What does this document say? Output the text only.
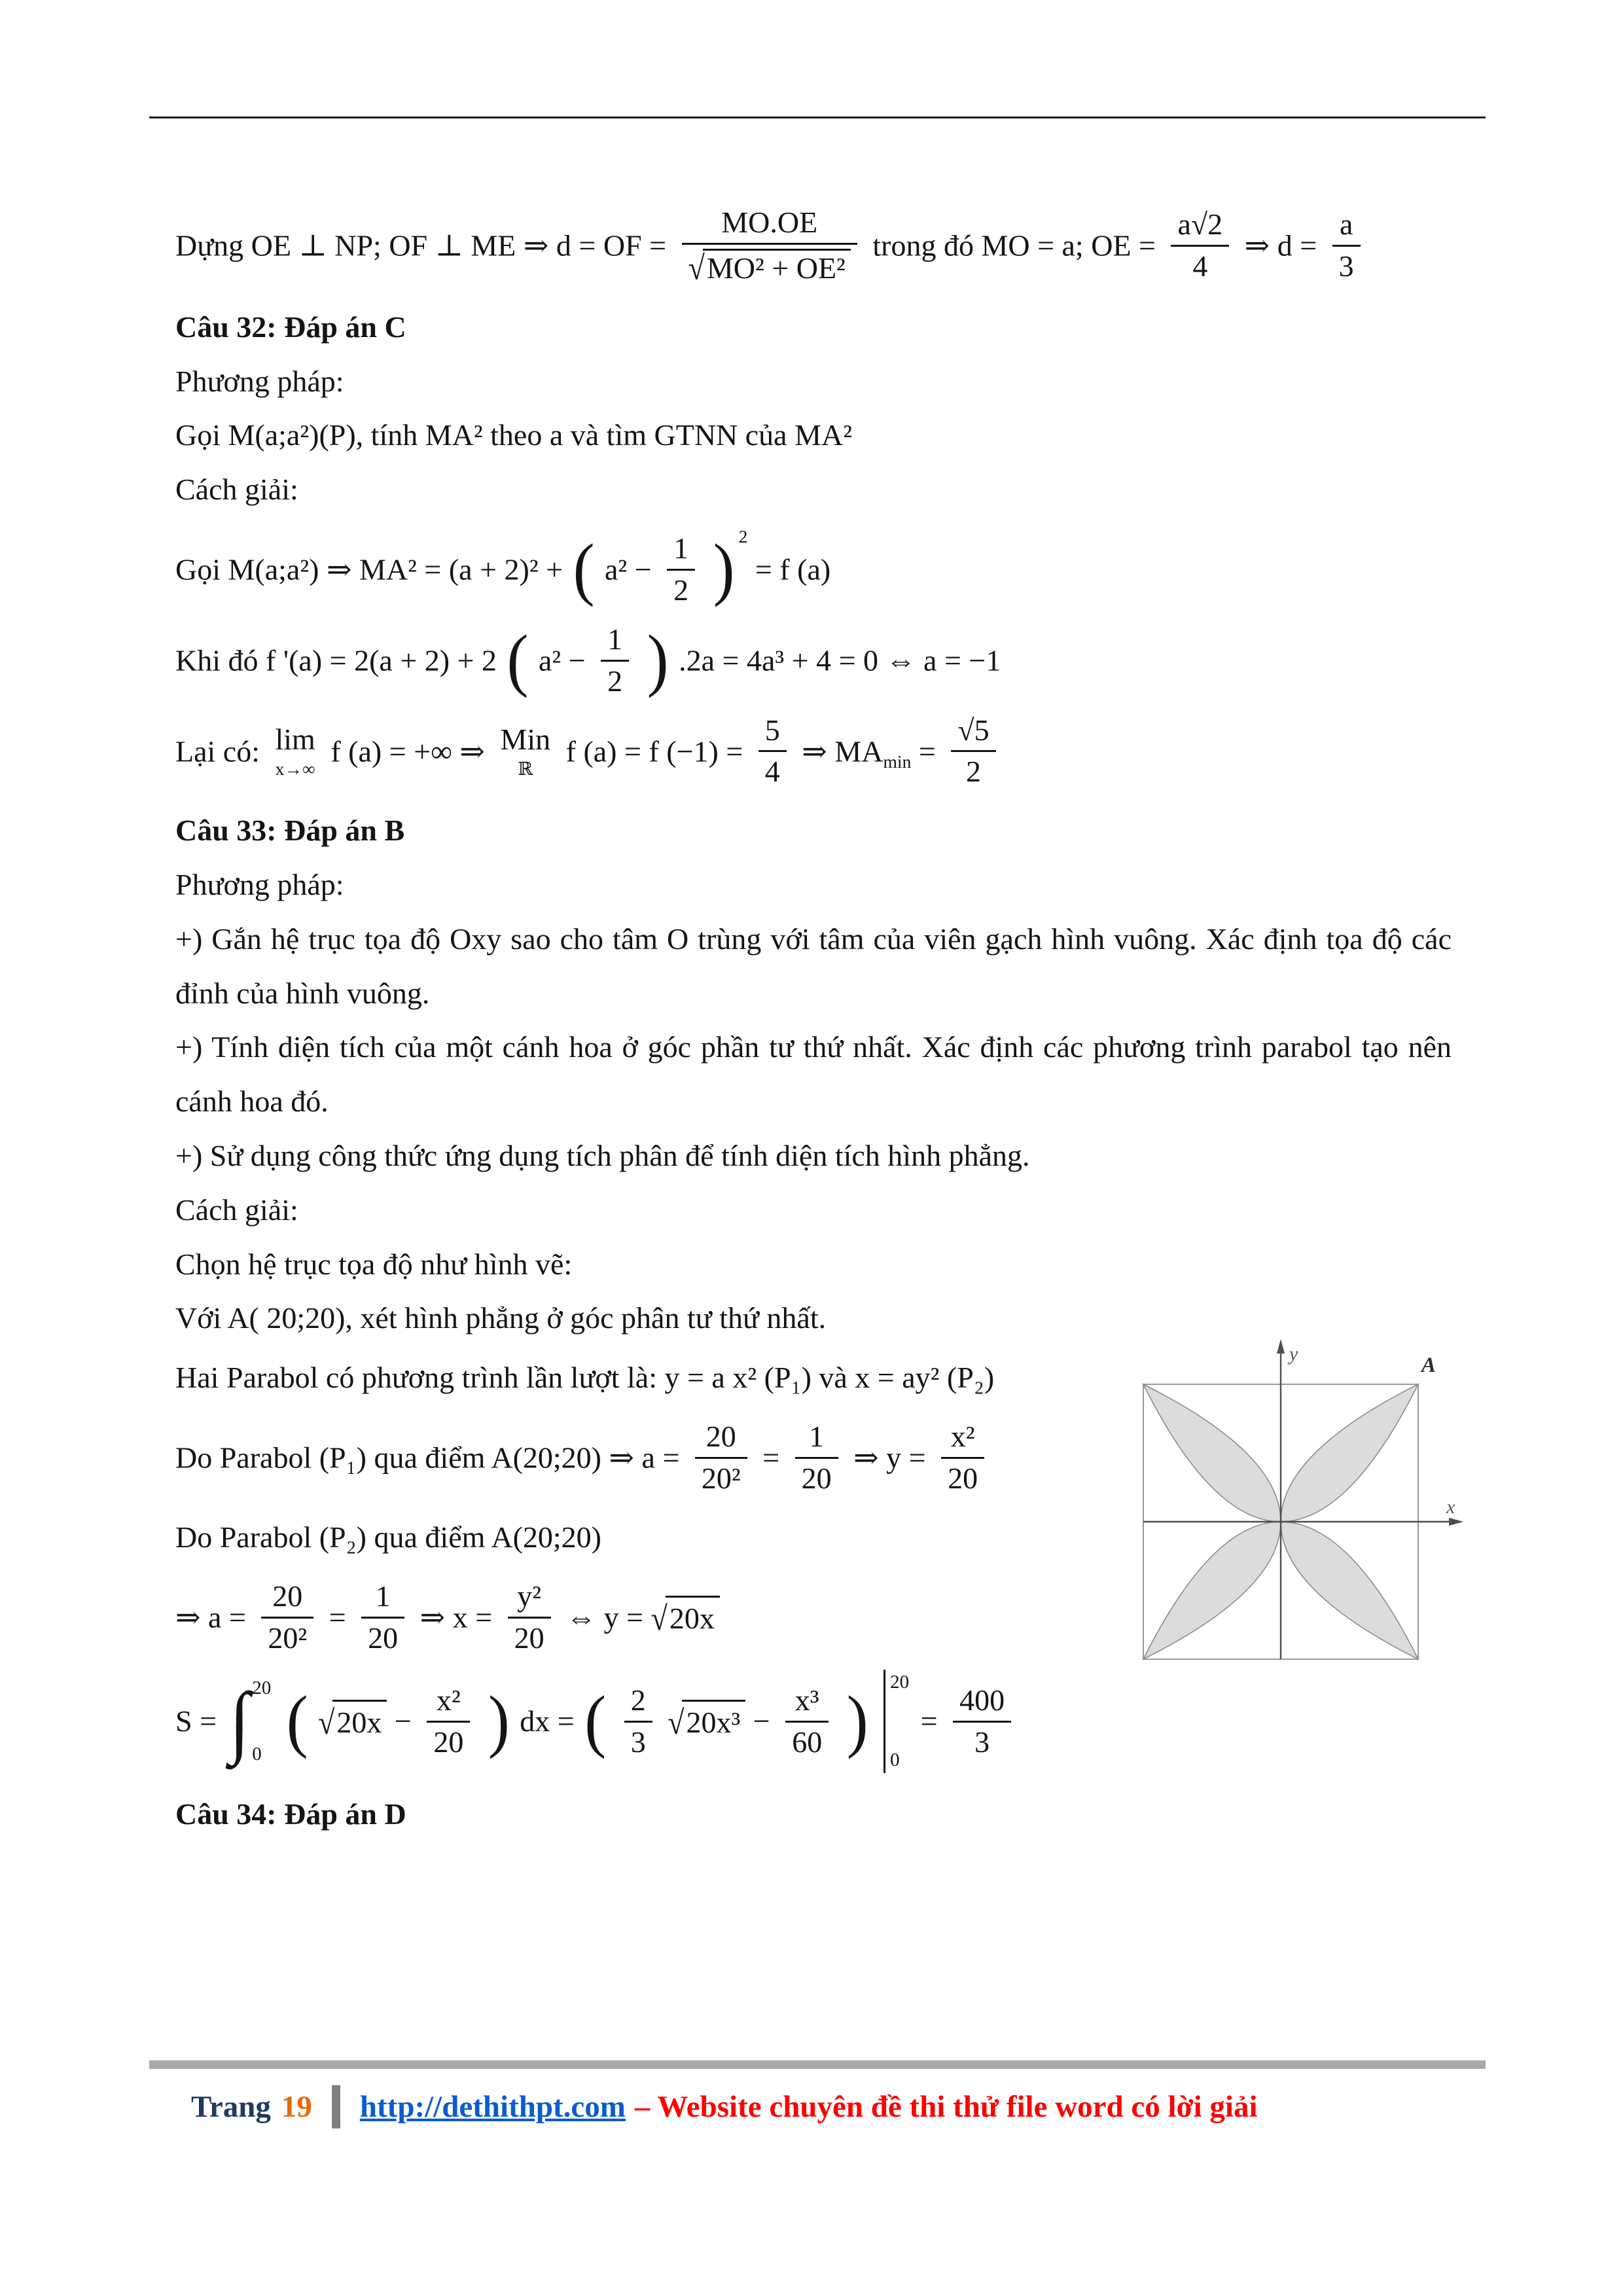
Dựng OE ⊥ NP; OF ⊥ ME ⇒ d = OF = $\frac{MO.OE}{\text{√MO² + OE²}}$ trong đó MO = a; OE = $\frac{a√2}{4}$ ⇒ $d = \frac{a}{3}$

Câu 32: Đáp án C

Phương pháp:

Gọi M(a;a²)(P), tính MA² theo a và tìm GTNN của MA²

Cách giải:

Gọi M(a;a²) ⇒ MA² = (a + 2)² + ( $a^2 - \frac{1}{2}$ ) $^2$ = f (a)

Khi đó f '(a) = 2(a + 2) + 2 ( $a^2 - \frac{1}{2}$ ) .2a = 4a³ + 4 = 0 ⇔ a = −1

Lại có: lim
x→∞
f (a) = +∞ ⇒ Min
ℝ
f (a) = f $(-1) = \frac{5}{4}$ ⇒ $MA_{min} = \frac{√5}{2}$

Câu 33: Đáp án B

Phương pháp:

+) Gắn hệ trục tọa độ Oxy sao cho tâm O trùng với tâm của viên gạch hình vuông. Xác định tọa độ các đỉnh của hình vuông.

+) Tính diện tích của một cánh hoa ở góc phần tư thứ nhất. Xác định các phương trình parabol tạo nên cánh hoa đó.

+) Sử dụng công thức ứng dụng tích phân để tính diện tích hình phẳng.

Cách giải:

Chọn hệ trục tọa độ như hình vẽ:

Với A( 20;20), xét hình phẳng ở góc phân tư thứ nhất.

Hai Parabol có phương trình lần lượt là: y = a x² (P₁) và x = ay² (P₂)

Do Parabol (P₁) qua điểm A(20;20) ⇒ $a = \frac{20}{\text{20²}} = \frac{1}{20}$ ⇒ $y = \frac{\text{x²}}{20}$

Do Parabol (P₂) qua điểm A(20;20)

⇒ $a = \frac{20}{\text{20²}} = \frac{1}{20}$ ⇒ $x = \frac{\text{y²}}{20}$ ⇔ y = √20x

S = ∫ 20
0 ( $√20x - \frac{\text{x²}}{20}$ ) dx = ( $\frac{2}{3} √20x^3 - \frac{\text{x³}}{60}$ )
20
0
= $\frac{400}{3}$

Câu 34: Đáp án D

y
x
A
Trang 19 http://dethithpt.com – Website chuyên đề thi thử file word có lời giải
